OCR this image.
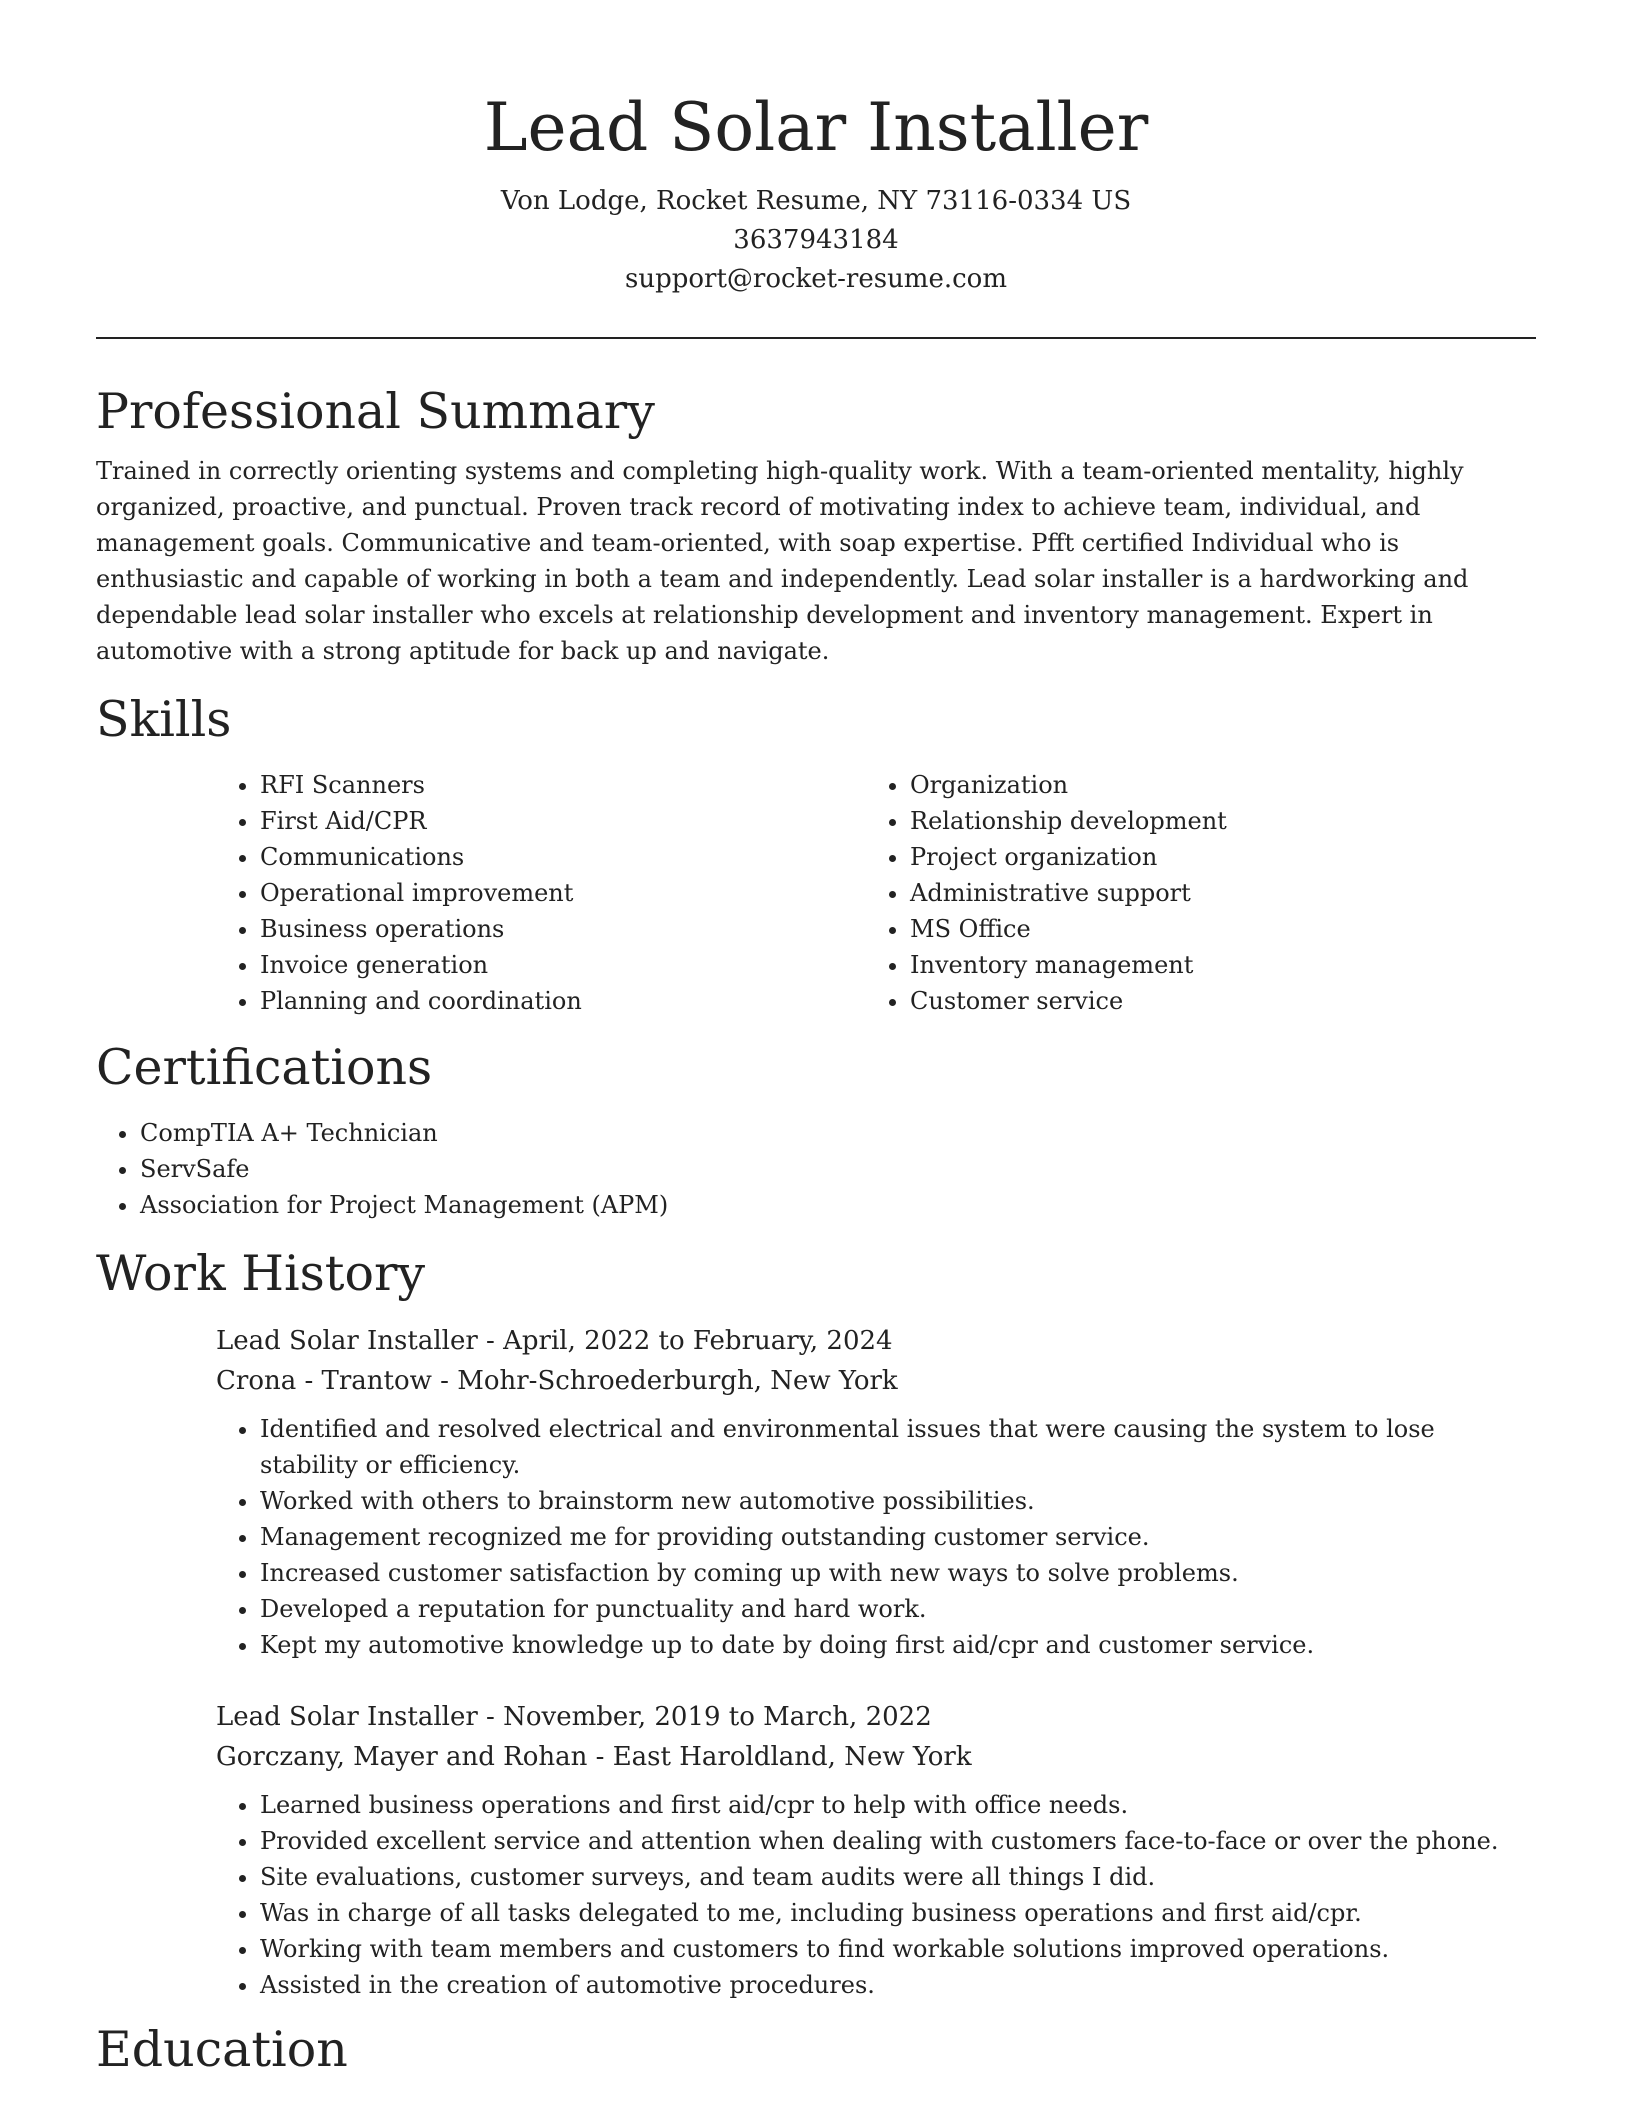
Lead Solar Installer
Von Lodge, Rocket Resume, NY 73116-0334 US
3637943184
support@rocket-resume.com
Professional Summary

Trained in correctly orienting systems and completing high-quality work. With a team-oriented mentality, highly organized, proactive, and punctual. Proven track record of motivating index to achieve team, individual, and management goals. Communicative and team-oriented, with soap expertise. Pfft certified Individual who is enthusiastic and capable of working in both a team and independently. Lead solar installer is a hardworking and dependable lead solar installer who excels at relationship development and inventory management. Expert in automotive with a strong aptitude for back up and navigate.

Skills
• RFI Scanners
• First Aid/CPR
• Communications
• Operational improvement
• Business operations
• Invoice generation
• Planning and coordination
• Organization
• Relationship development
• Project organization
• Administrative support
• MS Office
• Inventory management
• Customer service
Certifications
• CompTIA A+ Technician
• ServSafe
• Association for Project Management (APM)
Work History
Lead Solar Installer - April, 2022 to February, 2024
Crona - Trantow - Mohr-Schroederburgh, New York
• Identified and resolved electrical and environmental issues that were causing the system to lose stability or efficiency.
• Worked with others to brainstorm new automotive possibilities.
• Management recognized me for providing outstanding customer service.
• Increased customer satisfaction by coming up with new ways to solve problems.
• Developed a reputation for punctuality and hard work.
• Kept my automotive knowledge up to date by doing first aid/cpr and customer service.
Lead Solar Installer - November, 2019 to March, 2022
Gorczany, Mayer and Rohan - East Haroldland, New York
• Learned business operations and first aid/cpr to help with office needs.
• Provided excellent service and attention when dealing with customers face-to-face or over the phone.
• Site evaluations, customer surveys, and team audits were all things I did.
• Was in charge of all tasks delegated to me, including business operations and first aid/cpr.
• Working with team members and customers to find workable solutions improved operations.
• Assisted in the creation of automotive procedures.
Education
